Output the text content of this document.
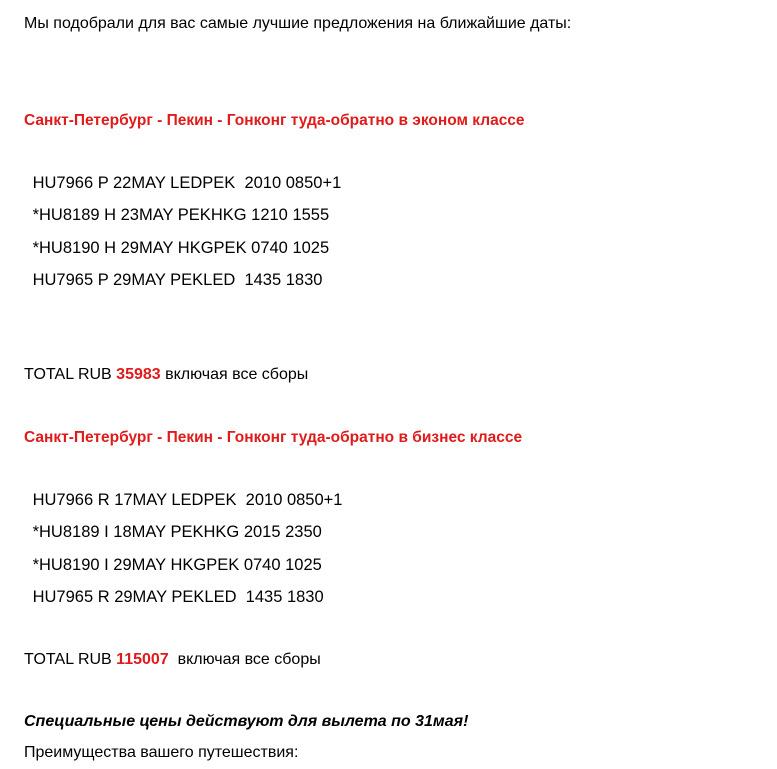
Мы подобрали для вас самые лучшие предложения на ближайшие даты:
Санкт-Петербург - Пекин - Гонконг туда-обратно в эконом классе
HU7966 P 22MAY LEDPEK  2010 0850+1
*HU8189 H 23MAY PEKHKG 1210 1555
*HU8190 H 29MAY HKGPEK 0740 1025
HU7965 P 29MAY PEKLED  1435 1830
TOTAL RUB 35983 включая все сборы
Санкт-Петербург - Пекин - Гонконг туда-обратно в бизнес классе
HU7966 R 17MAY LEDPEK  2010 0850+1
*HU8189 I 18MAY PEKHKG 2015 2350
*HU8190 I 29MAY HKGPEK 0740 1025
HU7965 R 29MAY PEKLED  1435 1830
TOTAL RUB 115007  включая все сборы
Специальные цены действуют для вылета по 31мая!
Преимущества вашего путешествия:
